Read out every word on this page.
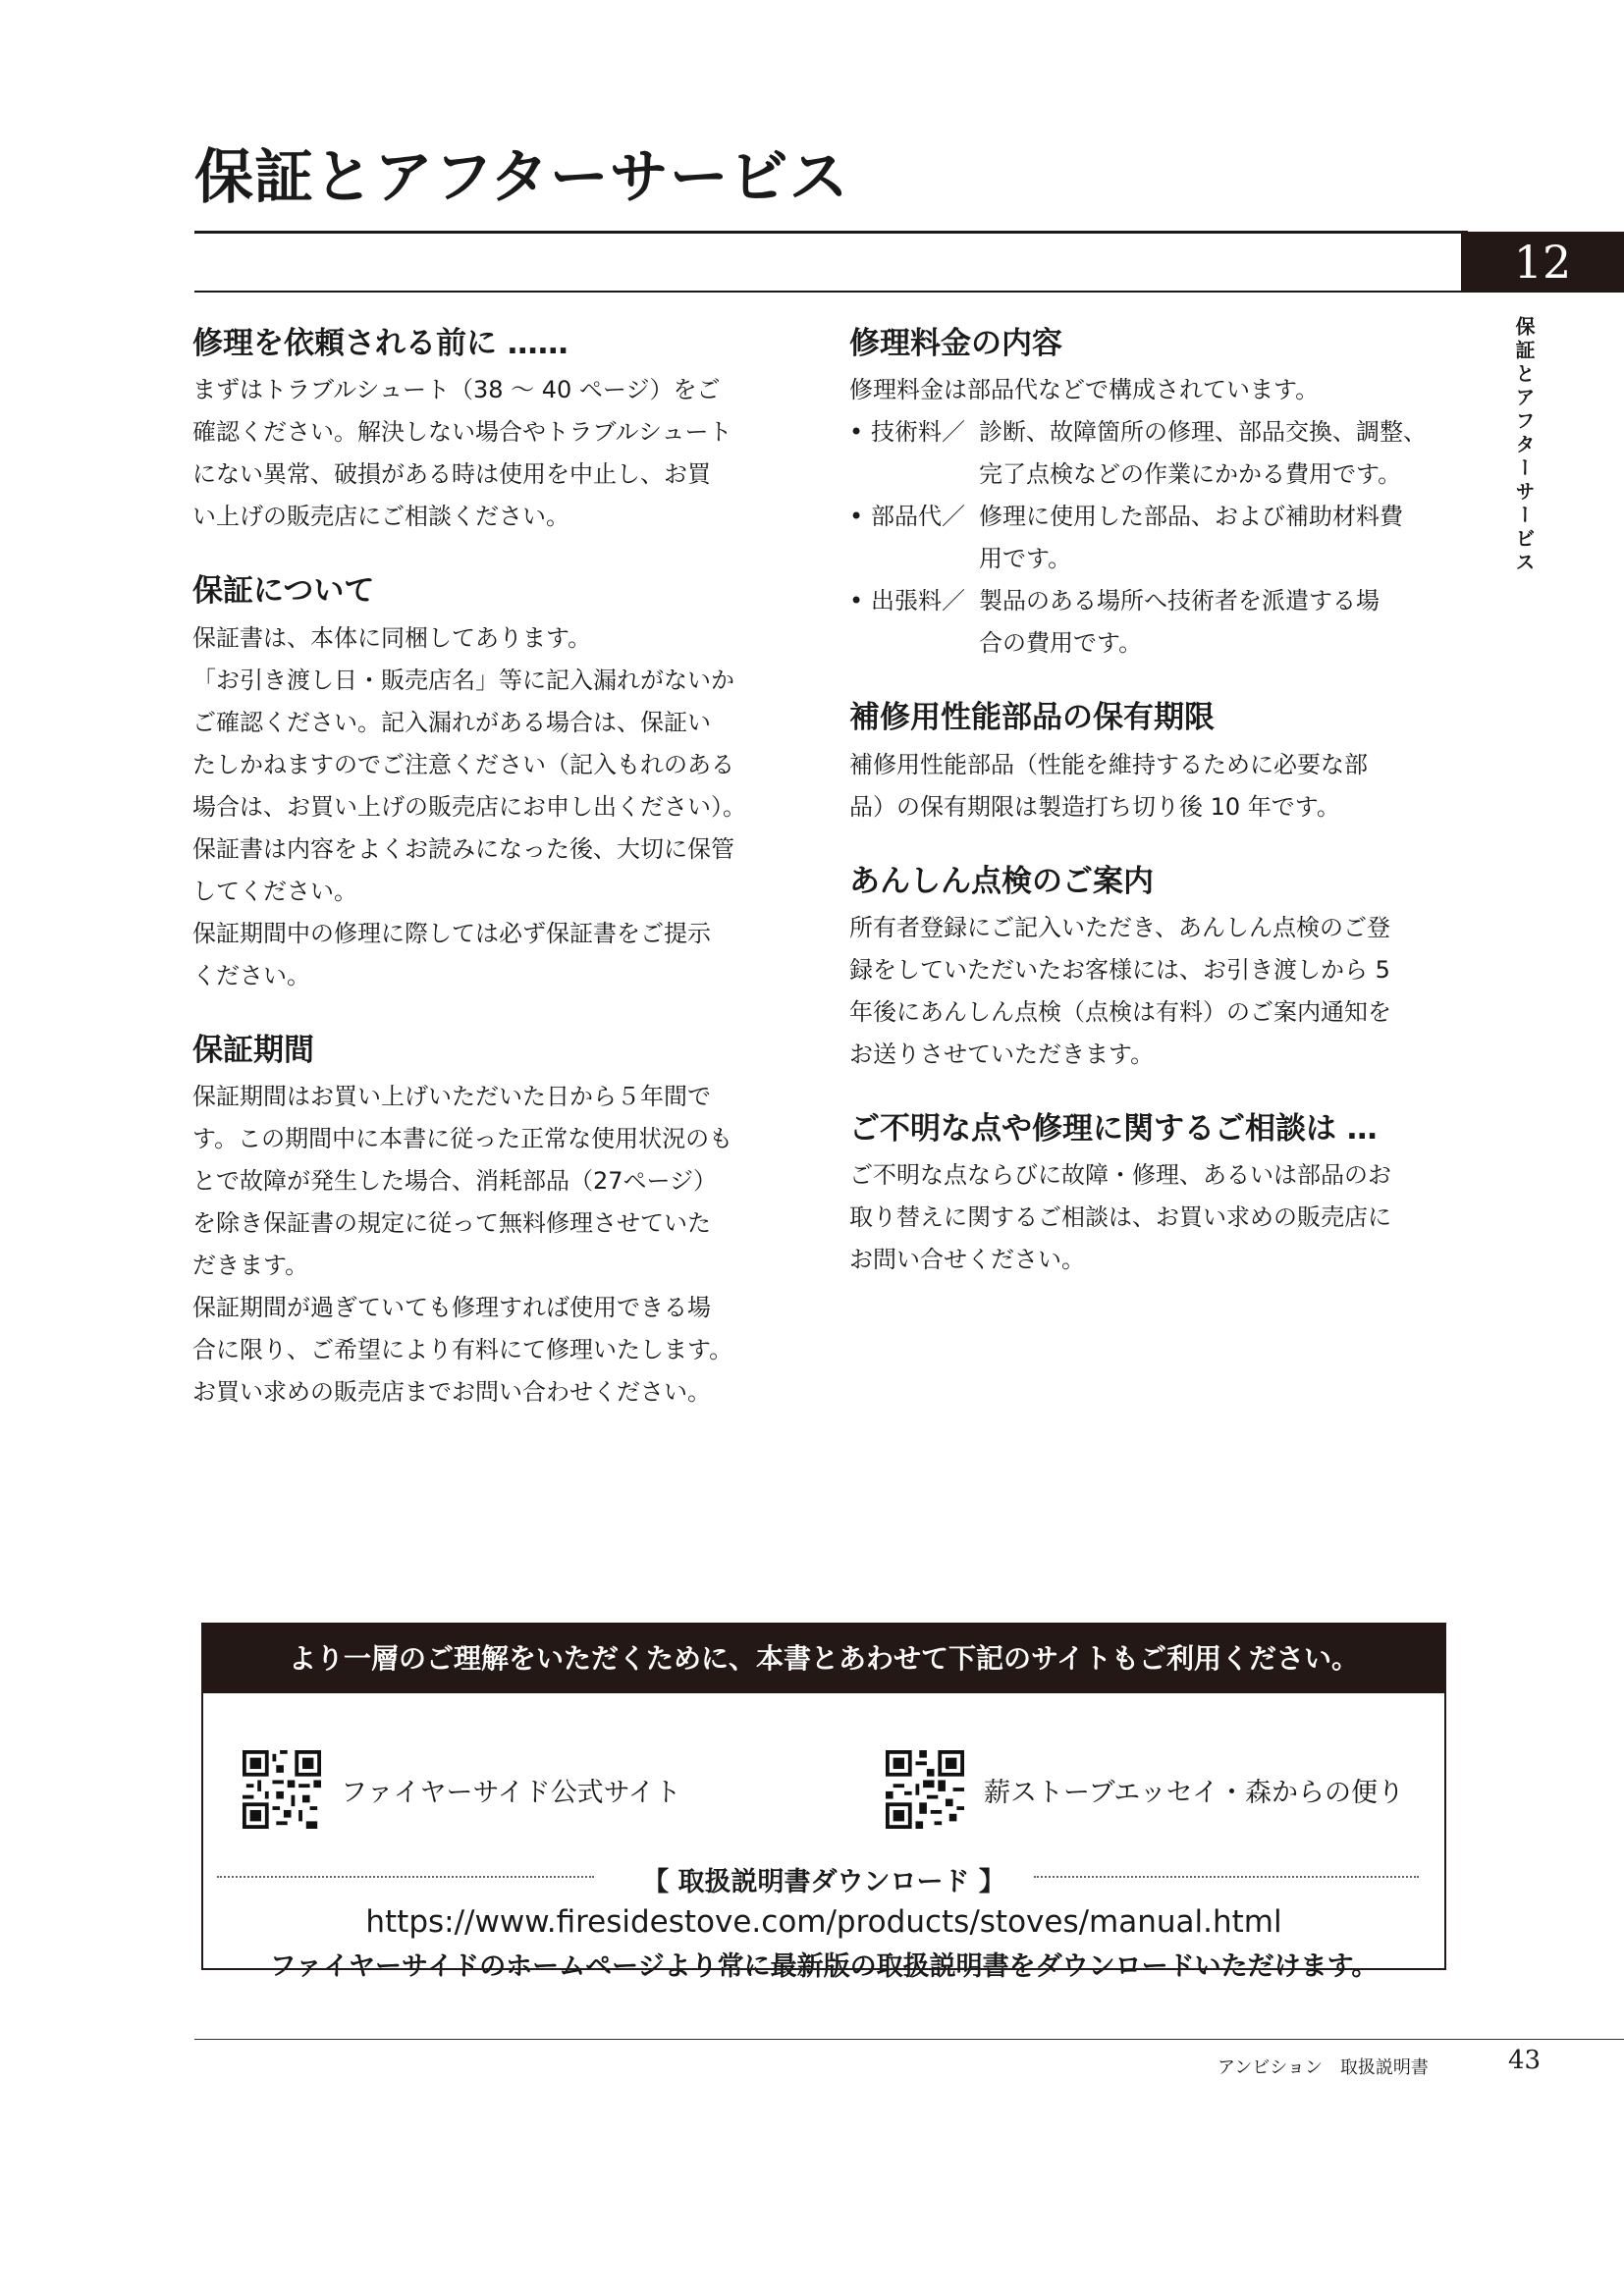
保証とアフターサービス
12
保証とアフターサービス
修理を依頼される前に ……

まずはトラブルシュート（38 ～ 40 ページ）をご
確認ください。解決しない場合やトラブルシュート
にない異常、破損がある時は使用を中止し、お買
い上げの販売店にご相談ください。

保証について

保証書は、本体に同梱してあります。
「お引き渡し日・販売店名」等に記入漏れがないか
ご確認ください。記入漏れがある場合は、保証い
たしかねますのでご注意ください（記入もれのある
場合は、お買い上げの販売店にお申し出ください）。
保証書は内容をよくお読みになった後、大切に保管
してください。
保証期間中の修理に際しては必ず保証書をご提示
ください。

保証期間

保証期間はお買い上げいただいた日から５年間で
す。この期間中に本書に従った正常な使用状況のも
とで故障が発生した場合、消耗部品（27ページ）
を除き保証書の規定に従って無料修理させていた
だきます。
保証期間が過ぎていても修理すれば使用できる場
合に限り、ご希望により有料にて修理いたします。
お買い求めの販売店までお問い合わせください。

修理料金の内容

修理料金は部品代などで構成されています。

• 技術料／ 診断、故障箇所の修理、部品交換、調整、
完了点検などの作業にかかる費用です。
• 部品代／ 修理に使用した部品、および補助材料費
用です。
• 出張料／ 製品のある場所へ技術者を派遣する場
合の費用です。
補修用性能部品の保有期限

補修用性能部品（性能を維持するために必要な部
品）の保有期限は製造打ち切り後 10 年です。

あんしん点検のご案内

所有者登録にご記入いただき、あんしん点検のご登
録をしていただいたお客様には、お引き渡しから 5
年後にあんしん点検（点検は有料）のご案内通知を
お送りさせていただきます。

ご不明な点や修理に関するご相談は …

ご不明な点ならびに故障・修理、あるいは部品のお
取り替えに関するご相談は、お買い求めの販売店に
お問い合せください。

より一層のご理解をいただくために、本書とあわせて下記のサイトもご利用ください。
ファイヤーサイド公式サイト	薪ストーブエッセイ・森からの便り
【 取扱説明書ダウンロード 】
https://www.firesidestove.com/products/stoves/manual.html
ファイヤーサイドのホームページより常に最新版の取扱説明書をダウンロードいただけます。
アンビション　取扱説明書	43
